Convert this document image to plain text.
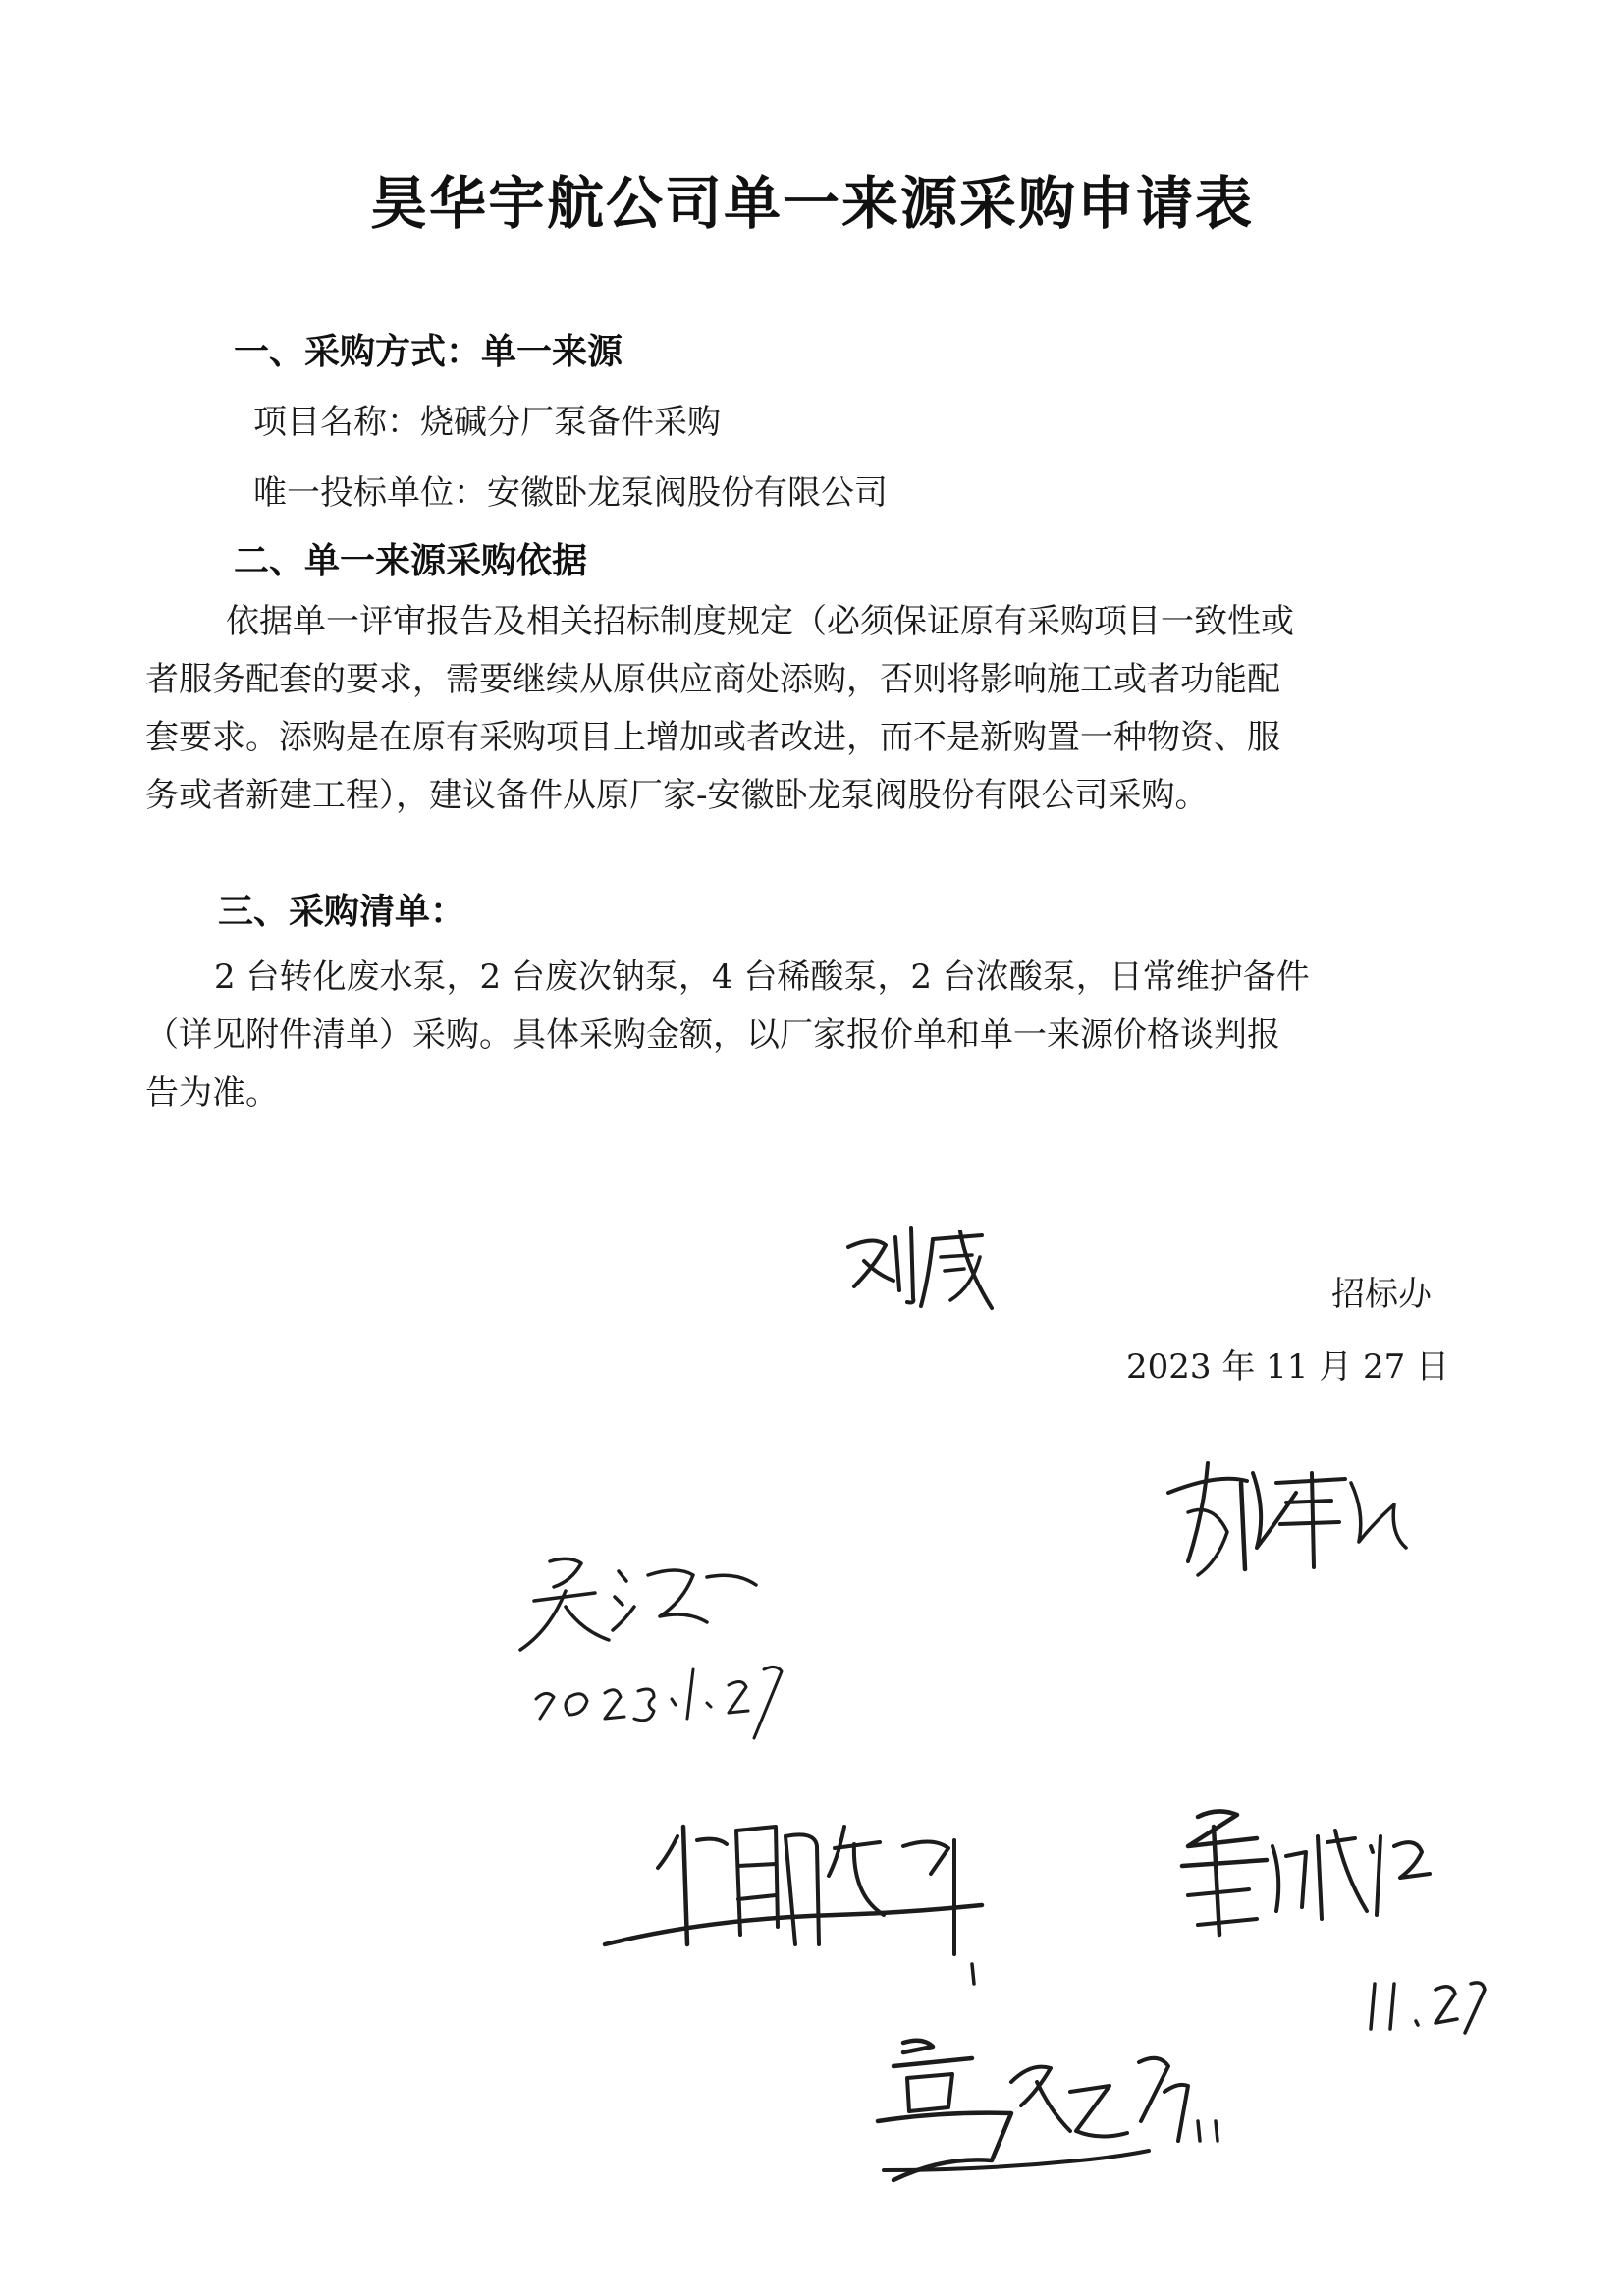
昊华宇航公司单一来源采购申请表
一、采购方式：单一来源
项目名称：烧碱分厂泵备件采购
唯一投标单位：安徽卧龙泵阀股份有限公司
二、单一来源采购依据
依据单一评审报告及相关招标制度规定（必须保证原有采购项目一致性或
者服务配套的要求，需要继续从原供应商处添购，否则将影响施工或者功能配
套要求。添购是在原有采购项目上增加或者改进，而不是新购置一种物资、服
务或者新建工程），建议备件从原厂家-安徽卧龙泵阀股份有限公司采购。
三、采购清单：
2 台转化废水泵，2 台废次钠泵，4 台稀酸泵，2 台浓酸泵，日常维护备件
（详见附件清单）采购。具体采购金额，以厂家报价单和单一来源价格谈判报
告为准。
招标办
2023 年 11 月 27 日
